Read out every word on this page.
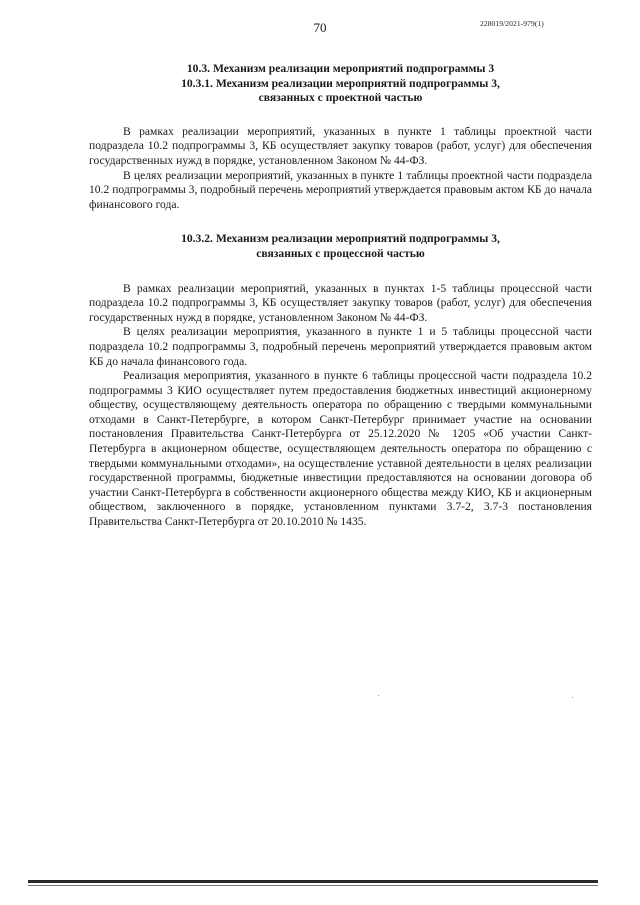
70	228019/2021-979(1)
10.3. Механизм реализации мероприятий подпрограммы 3
10.3.1. Механизм реализации мероприятий подпрограммы 3,
связанных с проектной частью

В рамках реализации мероприятий, указанных в пункте 1 таблицы проектной части подраздела 10.2 подпрограммы 3, КБ осуществляет закупку товаров (работ, услуг) для обеспечения государственных нужд в порядке, установленном Законом № 44-ФЗ.

В целях реализации мероприятий, указанных в пункте 1 таблицы проектной части подраздела 10.2 подпрограммы 3, подробный перечень мероприятий утверждается правовым актом КБ до начала финансового года.

10.3.2. Механизм реализации мероприятий подпрограммы 3,
связанных с процессной частью

В рамках реализации мероприятий, указанных в пунктах 1-5 таблицы процессной части подраздела 10.2 подпрограммы 3, КБ осуществляет закупку товаров (работ, услуг) для обеспечения государственных нужд в порядке, установленном Законом № 44-ФЗ.

В целях реализации мероприятия, указанного в пункте 1 и 5 таблицы процессной части подраздела 10.2 подпрограммы 3, подробный перечень мероприятий утверждается правовым актом КБ до начала финансового года.

Реализация мероприятия, указанного в пункте 6 таблицы процессной части подраздела 10.2 подпрограммы 3 КИО осуществляет путем предоставления бюджетных инвестиций акционерному обществу, осуществляющему деятельность оператора по обращению с твердыми коммунальными отходами в Санкт-Петербурге, в котором Санкт-Петербург принимает участие на основании постановления Правительства Санкт-Петербурга от 25.12.2020 № 1205 «Об участии Санкт-Петербурга в акционерном обществе, осуществляющем деятельность оператора по обращению с твердыми коммунальными отходами», на осуществление уставной деятельности в целях реализации государственной программы, бюджетные инвестиции предоставляются на основании договора об участии Санкт-Петербурга в собственности акционерного общества между КИО, КБ и акционерным обществом, заключенного в порядке, установленном пунктами 3.7-2, 3.7-3 постановления Правительства Санкт-Петербурга от 20.10.2010 № 1435.
